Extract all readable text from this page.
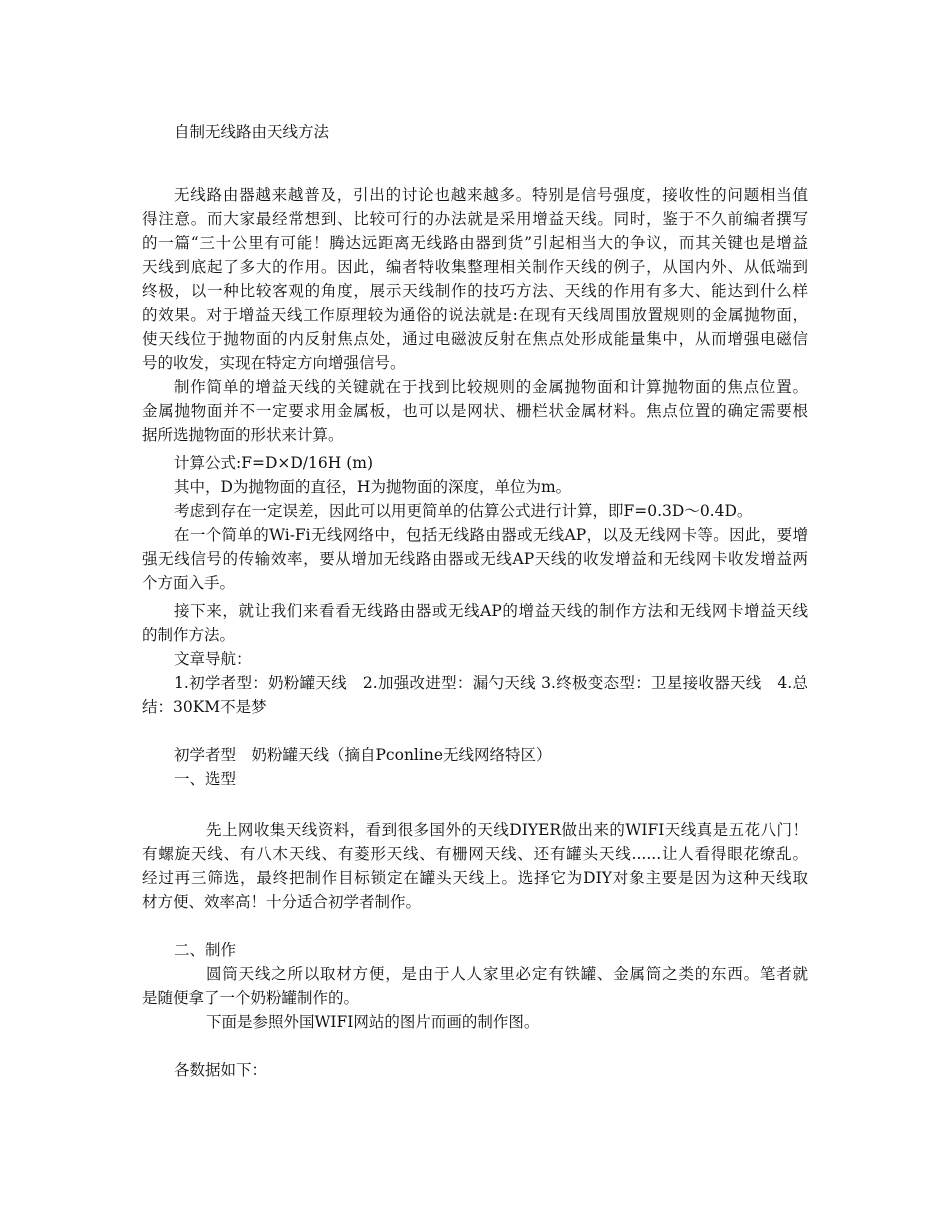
自制无线路由天线方法
无线路由器越来越普及，引出的讨论也越来越多。特别是信号强度，接收性的问题相当值
得注意。而大家最经常想到、比较可行的办法就是采用增益天线。同时，鉴于不久前编者撰写
的一篇“三十公里有可能！腾达远距离无线路由器到货”引起相当大的争议，而其关键也是增益
天线到底起了多大的作用。因此，编者特收集整理相关制作天线的例子，从国内外、从低端到
终极，以一种比较客观的角度，展示天线制作的技巧方法、天线的作用有多大、能达到什么样
的效果。对于增益天线工作原理较为通俗的说法就是:在现有天线周围放置规则的金属抛物面，
使天线位于抛物面的内反射焦点处，通过电磁波反射在焦点处形成能量集中，从而增强电磁信
号的收发，实现在特定方向增强信号。
制作简单的增益天线的关键就在于找到比较规则的金属抛物面和计算抛物面的焦点位置。
金属抛物面并不一定要求用金属板，也可以是网状、栅栏状金属材料。焦点位置的确定需要根
据所选抛物面的形状来计算。
计算公式:F=D×D/16H (m)
其中，D为抛物面的直径，H为抛物面的深度，单位为m。
考虑到存在一定误差，因此可以用更简单的估算公式进行计算，即F=0.3D～0.4D。
在一个简单的Wi-Fi无线网络中，包括无线路由器或无线AP，以及无线网卡等。因此，要增
强无线信号的传输效率，要从增加无线路由器或无线AP天线的收发增益和无线网卡收发增益两
个方面入手。
接下来，就让我们来看看无线路由器或无线AP的增益天线的制作方法和无线网卡增益天线
的制作方法。
文章导航：
1.初学者型：奶粉罐天线　2.加强改进型：漏勺天线 3.终极变态型：卫星接收器天线　4.总
结：30KM不是梦
初学者型　奶粉罐天线（摘自Pconline无线网络特区）
一、选型
先上网收集天线资料，看到很多国外的天线DIYER做出来的WIFI天线真是五花八门！
有螺旋天线、有八木天线、有菱形天线、有栅网天线、还有罐头天线......让人看得眼花缭乱。
经过再三筛选，最终把制作目标锁定在罐头天线上。选择它为DIY对象主要是因为这种天线取
材方便、效率高！十分适合初学者制作。
二、制作
圆筒天线之所以取材方便，是由于人人家里必定有铁罐、金属筒之类的东西。笔者就
是随便拿了一个奶粉罐制作的。
下面是参照外国WIFI网站的图片而画的制作图。
各数据如下：
